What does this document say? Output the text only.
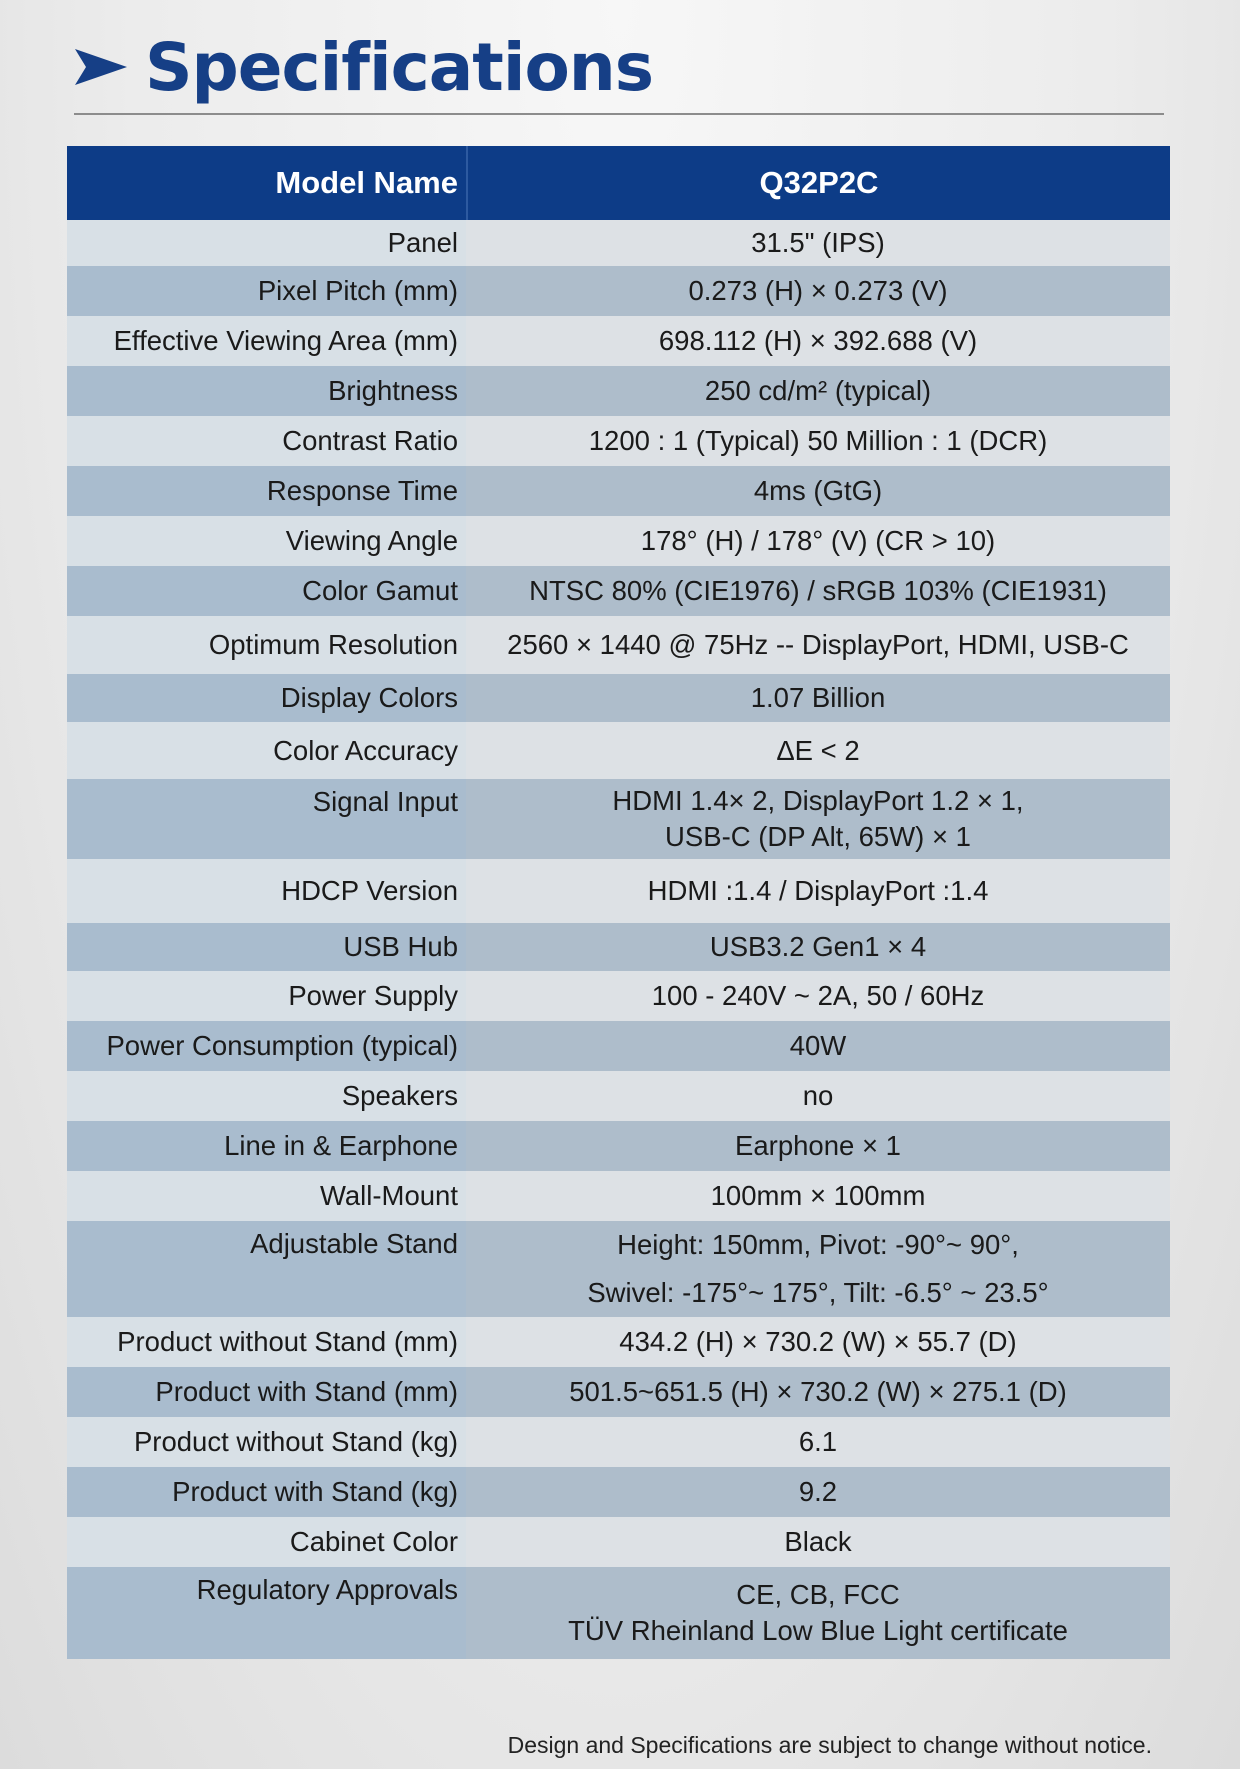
Specifications
Model Name	Q32P2C
Panel	31.5" (IPS)
Pixel Pitch (mm)	0.273 (H) × 0.273 (V)
Effective Viewing Area (mm)	698.112 (H) × 392.688 (V)
Brightness	250 cd/m² (typical)
Contrast Ratio	1200 : 1 (Typical) 50 Million : 1 (DCR)
Response Time	4ms (GtG)
Viewing Angle	178° (H) / 178° (V) (CR > 10)
Color Gamut	NTSC 80% (CIE1976) / sRGB 103% (CIE1931)
Optimum Resolution 2560 × 1440 @ 75Hz -- DisplayPort, HDMI, USB-C
Display Colors	1.07 Billion
Color Accuracy	ΔE < 2
Signal Input	HDMI 1.4× 2, DisplayPort 1.2 × 1,
USB-C (DP Alt, 65W) × 1
HDCP Version	HDMI :1.4 / DisplayPort :1.4
USB Hub	USB3.2 Gen1 × 4
Power Supply	100 - 240V ~ 2A, 50 / 60Hz
Power Consumption (typical)	40W
Speakers	no
Line in & Earphone	Earphone × 1
Wall-Mount	100mm × 100mm
Adjustable Stand	Height: 150mm, Pivot: -90°~ 90°,
Swivel: -175°~ 175°, Tilt: -6.5° ~ 23.5°
Product without Stand (mm)	434.2 (H) × 730.2 (W) × 55.7 (D)
Product with Stand (mm)	501.5~651.5 (H) × 730.2 (W) × 275.1 (D)
Product without Stand (kg)	6.1
Product with Stand (kg)	9.2
Cabinet Color	Black
Regulatory Approvals	CE, CB, FCC
TÜV Rheinland Low Blue Light certificate
Design and Specifications are subject to change without notice.
